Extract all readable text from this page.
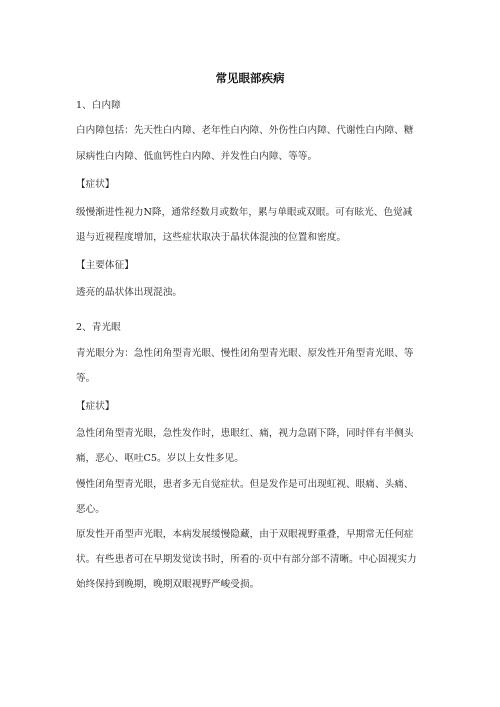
常见眼部疾病
1、白内障
白内障包括：先天性白内障、老年性白内障、外伤性白内障、代谢性白内障、糖
尿病性白内障、低血钙性白内障、并发性白内障、等等。
【症状】
级慢渐进性视力N降，通常经数月或数年，累与单眼或双眼。可有眩光、色觉减
退与近视程度增加，这些症状取决于晶状体混浊的位置和密度。
【主要体征】
透亮的晶状体出现混浊。
2、青光眼
青光眼分为：急性闭角型青光眼、慢性闭角型青光眼、原发性开角型青光眼、等
等。
【症状】
急性闭角型青光眼，急性发作时，患眼红、痛，视力急剧下降，同时伴有半侧头
痛，恶心、呕吐C5。岁以上女性多见。
慢性闭角型青光眼，患者多无自觉症状。但是发作是可出现虹视、眼痛、头痛、
恶心。
原发性开甬型声光眼，本病发展缓慢隐藏，由于双眼视野重叠，早期常无任何症
状。有些患者可在早期发觉读书时，所看的·页中有部分部不清晰。中心固视实力
始终保持到晚期，晚期双眼视野严峻受损。
